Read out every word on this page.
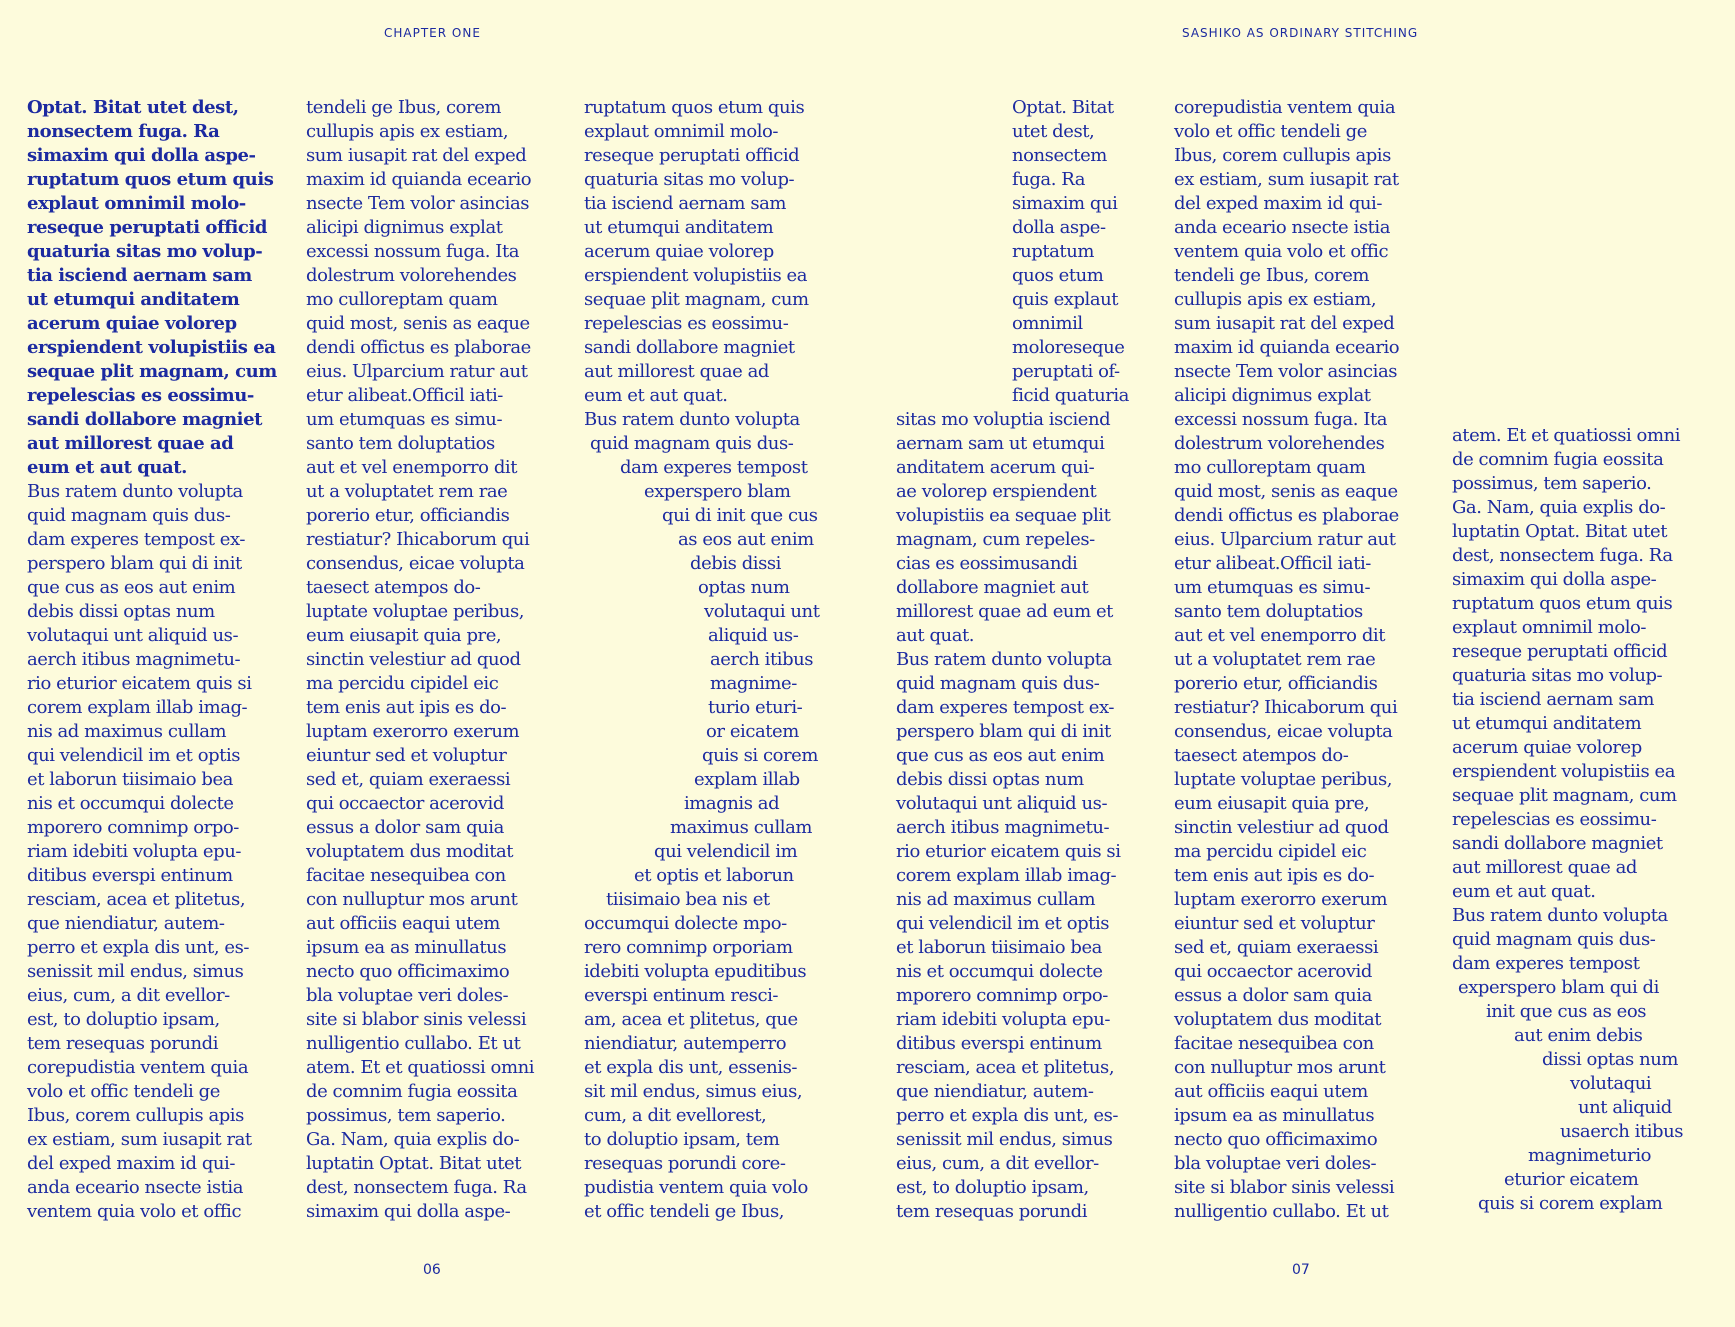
CHAPTER ONE
Optat. Bitat utet dest,
nonsectem fuga. Ra
simaxim qui dolla aspe-
ruptatum quos etum quis
explaut omnimil molo-
reseque peruptati officid
quaturia sitas mo volup-
tia isciend aernam sam
ut etumqui anditatem
acerum quiae volorep
erspiendent volupistiis ea
sequae plit magnam, cum
repelescias es eossimu-
sandi dollabore magniet
aut millorest quae ad
eum et aut quat.
Bus ratem dunto volupta
quid magnam quis dus-
dam experes tempost ex-
perspero blam qui di init
que cus as eos aut enim
debis dissi optas num
volutaqui unt aliquid us-
aerch itibus magnimetu-
rio eturior eicatem quis si
corem explam illab imag-
nis ad maximus cullam
qui velendicil im et optis
et laborun tiisimaio bea
nis et occumqui dolecte
mporero comnimp orpo-
riam idebiti volupta epu-
ditibus everspi entinum
resciam, acea et plitetus,
que niendiatur, autem-
perro et expla dis unt, es-
senissit mil endus, simus
eius, cum, a dit evellor-
est, to doluptio ipsam,
tem resequas porundi
corepudistia ventem quia
volo et offic tendeli ge
Ibus, corem cullupis apis
ex estiam, sum iusapit rat
del exped maxim id qui-
anda eceario nsecte istia
ventem quia volo et offic
tendeli ge Ibus, corem
cullupis apis ex estiam,
sum iusapit rat del exped
maxim id quianda eceario
nsecte Tem volor asincias
alicipi dignimus explat
excessi nossum fuga. Ita
dolestrum volorehendes
mo culloreptam quam
quid most, senis as eaque
dendi offictus es plaborae
eius. Ulparcium ratur aut
etur alibeat.Officil iati-
um etumquas es simu-
santo tem doluptatios
aut et vel enemporro dit
ut a voluptatet rem rae
porerio etur, officiandis
restiatur? Ihicaborum qui
consendus, eicae volupta
taesect atempos do-
luptate voluptae peribus,
eum eiusapit quia pre,
sinctin velestiur ad quod
ma percidu cipidel eic
tem enis aut ipis es do-
luptam exerorro exerum
eiuntur sed et voluptur
sed et, quiam exeraessi
qui occaector acerovid
essus a dolor sam quia
voluptatem dus moditat
facitae nesequibea con
con nulluptur mos arunt
aut officiis eaqui utem
ipsum ea as minullatus
necto quo officimaximo
bla voluptae veri doles-
site si blabor sinis velessi
nulligentio cullabo. Et ut
atem. Et et quatiossi omni
de comnim fugia eossita
possimus, tem saperio.
Ga. Nam, quia explis do-
luptatin Optat. Bitat utet
dest, nonsectem fuga. Ra
simaxim qui dolla aspe-
ruptatum quos etum quis
explaut omnimil molo-
reseque peruptati officid
quaturia sitas mo volup-
tia isciend aernam sam
ut etumqui anditatem
acerum quiae volorep
erspiendent volupistiis ea
sequae plit magnam, cum
repelescias es eossimu-
sandi dollabore magniet
aut millorest quae ad
eum et aut quat.
Bus ratem dunto volupta
quid magnam quis dus-
dam experes tempost
experspero blam
qui di init que cus
as eos aut enim
debis dissi
optas num
volutaqui unt
aliquid us-
aerch itibus
magnime-
turio eturi-
or eicatem
quis si corem
explam illab
imagnis ad
maximus cullam
qui velendicil im
et optis et laborun
tiisimaio bea nis et
occumqui dolecte mpo-
rero comnimp orporiam
idebiti volupta epuditibus
everspi entinum resci-
am, acea et plitetus, que
niendiatur, autemperro
et expla dis unt, essenis-
sit mil endus, simus eius,
cum, a dit evellorest,
to doluptio ipsam, tem
resequas porundi core-
pudistia ventem quia volo
et offic tendeli ge Ibus,
06
SASHIKO AS ORDINARY STITCHING
Optat. Bitat
utet dest,
nonsectem
fuga. Ra
simaxim qui
dolla aspe-
ruptatum
quos etum
quis explaut
omnimil
moloreseque
peruptati of-
ficid quaturia
sitas mo voluptia isciend
aernam sam ut etumqui
anditatem acerum qui-
ae volorep erspiendent
volupistiis ea sequae plit
magnam, cum repeles-
cias es eossimusandi
dollabore magniet aut
millorest quae ad eum et
aut quat.
Bus ratem dunto volupta
quid magnam quis dus-
dam experes tempost ex-
perspero blam qui di init
que cus as eos aut enim
debis dissi optas num
volutaqui unt aliquid us-
aerch itibus magnimetu-
rio eturior eicatem quis si
corem explam illab imag-
nis ad maximus cullam
qui velendicil im et optis
et laborun tiisimaio bea
nis et occumqui dolecte
mporero comnimp orpo-
riam idebiti volupta epu-
ditibus everspi entinum
resciam, acea et plitetus,
que niendiatur, autem-
perro et expla dis unt, es-
senissit mil endus, simus
eius, cum, a dit evellor-
est, to doluptio ipsam,
tem resequas porundi
corepudistia ventem quia
volo et offic tendeli ge
Ibus, corem cullupis apis
ex estiam, sum iusapit rat
del exped maxim id qui-
anda eceario nsecte istia
ventem quia volo et offic
tendeli ge Ibus, corem
cullupis apis ex estiam,
sum iusapit rat del exped
maxim id quianda eceario
nsecte Tem volor asincias
alicipi dignimus explat
excessi nossum fuga. Ita
dolestrum volorehendes
mo culloreptam quam
quid most, senis as eaque
dendi offictus es plaborae
eius. Ulparcium ratur aut
etur alibeat.Officil iati-
um etumquas es simu-
santo tem doluptatios
aut et vel enemporro dit
ut a voluptatet rem rae
porerio etur, officiandis
restiatur? Ihicaborum qui
consendus, eicae volupta
taesect atempos do-
luptate voluptae peribus,
eum eiusapit quia pre,
sinctin velestiur ad quod
ma percidu cipidel eic
tem enis aut ipis es do-
luptam exerorro exerum
eiuntur sed et voluptur
sed et, quiam exeraessi
qui occaector acerovid
essus a dolor sam quia
voluptatem dus moditat
facitae nesequibea con
con nulluptur mos arunt
aut officiis eaqui utem
ipsum ea as minullatus
necto quo officimaximo
bla voluptae veri doles-
site si blabor sinis velessi
nulligentio cullabo. Et ut
atem. Et et quatiossi omni
de comnim fugia eossita
possimus, tem saperio.
Ga. Nam, quia explis do-
luptatin Optat. Bitat utet
dest, nonsectem fuga. Ra
simaxim qui dolla aspe-
ruptatum quos etum quis
explaut omnimil molo-
reseque peruptati officid
quaturia sitas mo volup-
tia isciend aernam sam
ut etumqui anditatem
acerum quiae volorep
erspiendent volupistiis ea
sequae plit magnam, cum
repelescias es eossimu-
sandi dollabore magniet
aut millorest quae ad
eum et aut quat.
Bus ratem dunto volupta
quid magnam quis dus-
dam experes tempost
experspero blam qui di
init que cus as eos
aut enim debis
dissi optas num
volutaqui
unt aliquid
usaerch itibus
magnimeturio
eturior eicatem
quis si corem explam
07
